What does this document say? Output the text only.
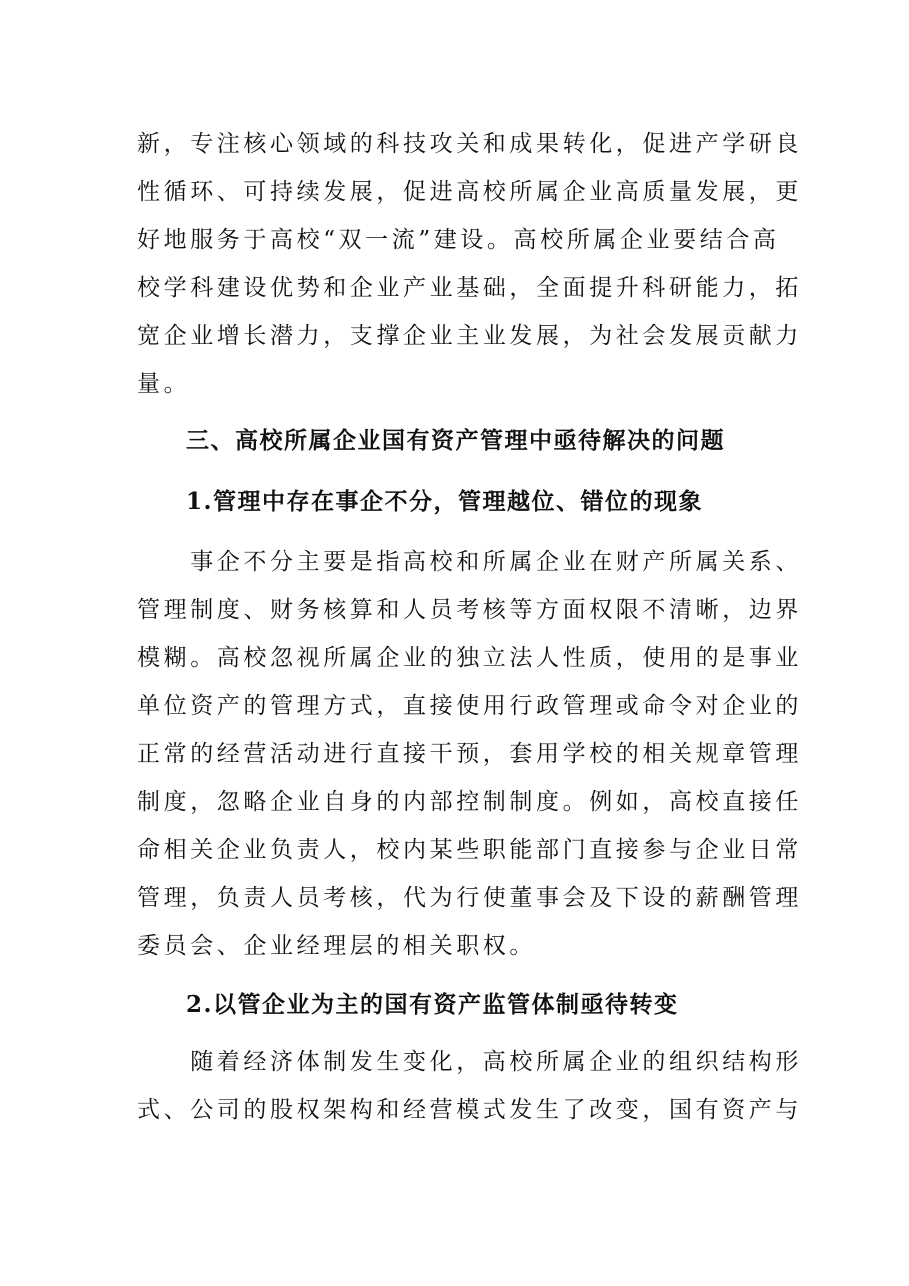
新，专注核心领域的科技攻关和成果转化，促进产学研良
性循环、可持续发展，促进高校所属企业高质量发展，更
好地服务于高校“双一流”建设。高校所属企业要结合高
校学科建设优势和企业产业基础，全面提升科研能力，拓
宽企业增长潜力，支撑企业主业发展，为社会发展贡献力
量。
三、高校所属企业国有资产管理中亟待解决的问题
1.管理中存在事企不分，管理越位、错位的现象
　　事企不分主要是指高校和所属企业在财产所属关系、
管理制度、财务核算和人员考核等方面权限不清晰，边界
模糊。高校忽视所属企业的独立法人性质，使用的是事业
单位资产的管理方式，直接使用行政管理或命令对企业的
正常的经营活动进行直接干预，套用学校的相关规章管理
制度，忽略企业自身的内部控制制度。例如，高校直接任
命相关企业负责人，校内某些职能部门直接参与企业日常
管理，负责人员考核，代为行使董事会及下设的薪酬管理
委员会、企业经理层的相关职权。
2.以管企业为主的国有资产监管体制亟待转变
　　随着经济体制发生变化，高校所属企业的组织结构形
式、公司的股权架构和经营模式发生了改变，国有资产与
